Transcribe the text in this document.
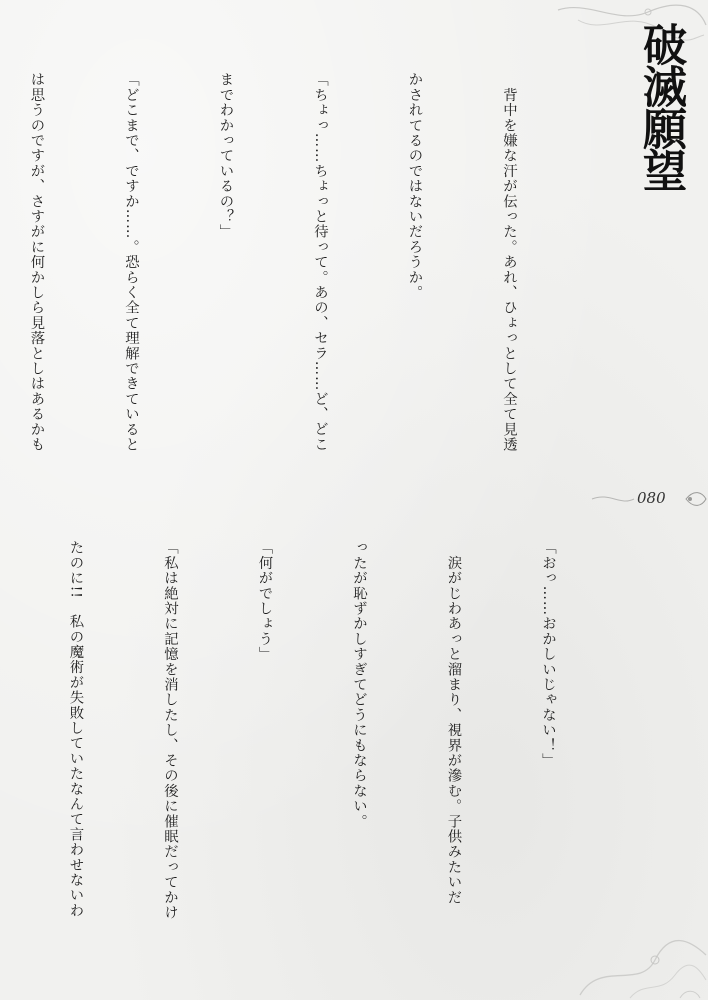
破滅願望
080

　背中を嫌な汗が伝った。あれ、ひょっとして全て見透

かされてるのではないだろうか。

「ちょっ……ちょっと待って。あの、セラ……ど、どこ

までわかっているの？」

「どこまで、ですか……。恐らく全て理解できていると

は思うのですが、さすがに何かしら見落としはあるかも

「おっ……おかしいじゃない！」

　涙がじわあっと溜まり、視界が滲む。子供みたいだ

ったが恥ずかしすぎてどうにもならない。

「何がでしょう」

「私は絶対に記憶を消したし、その後に催眠だってかけ

たのに!!　私の魔術が失敗していたなんて言わせないわ
